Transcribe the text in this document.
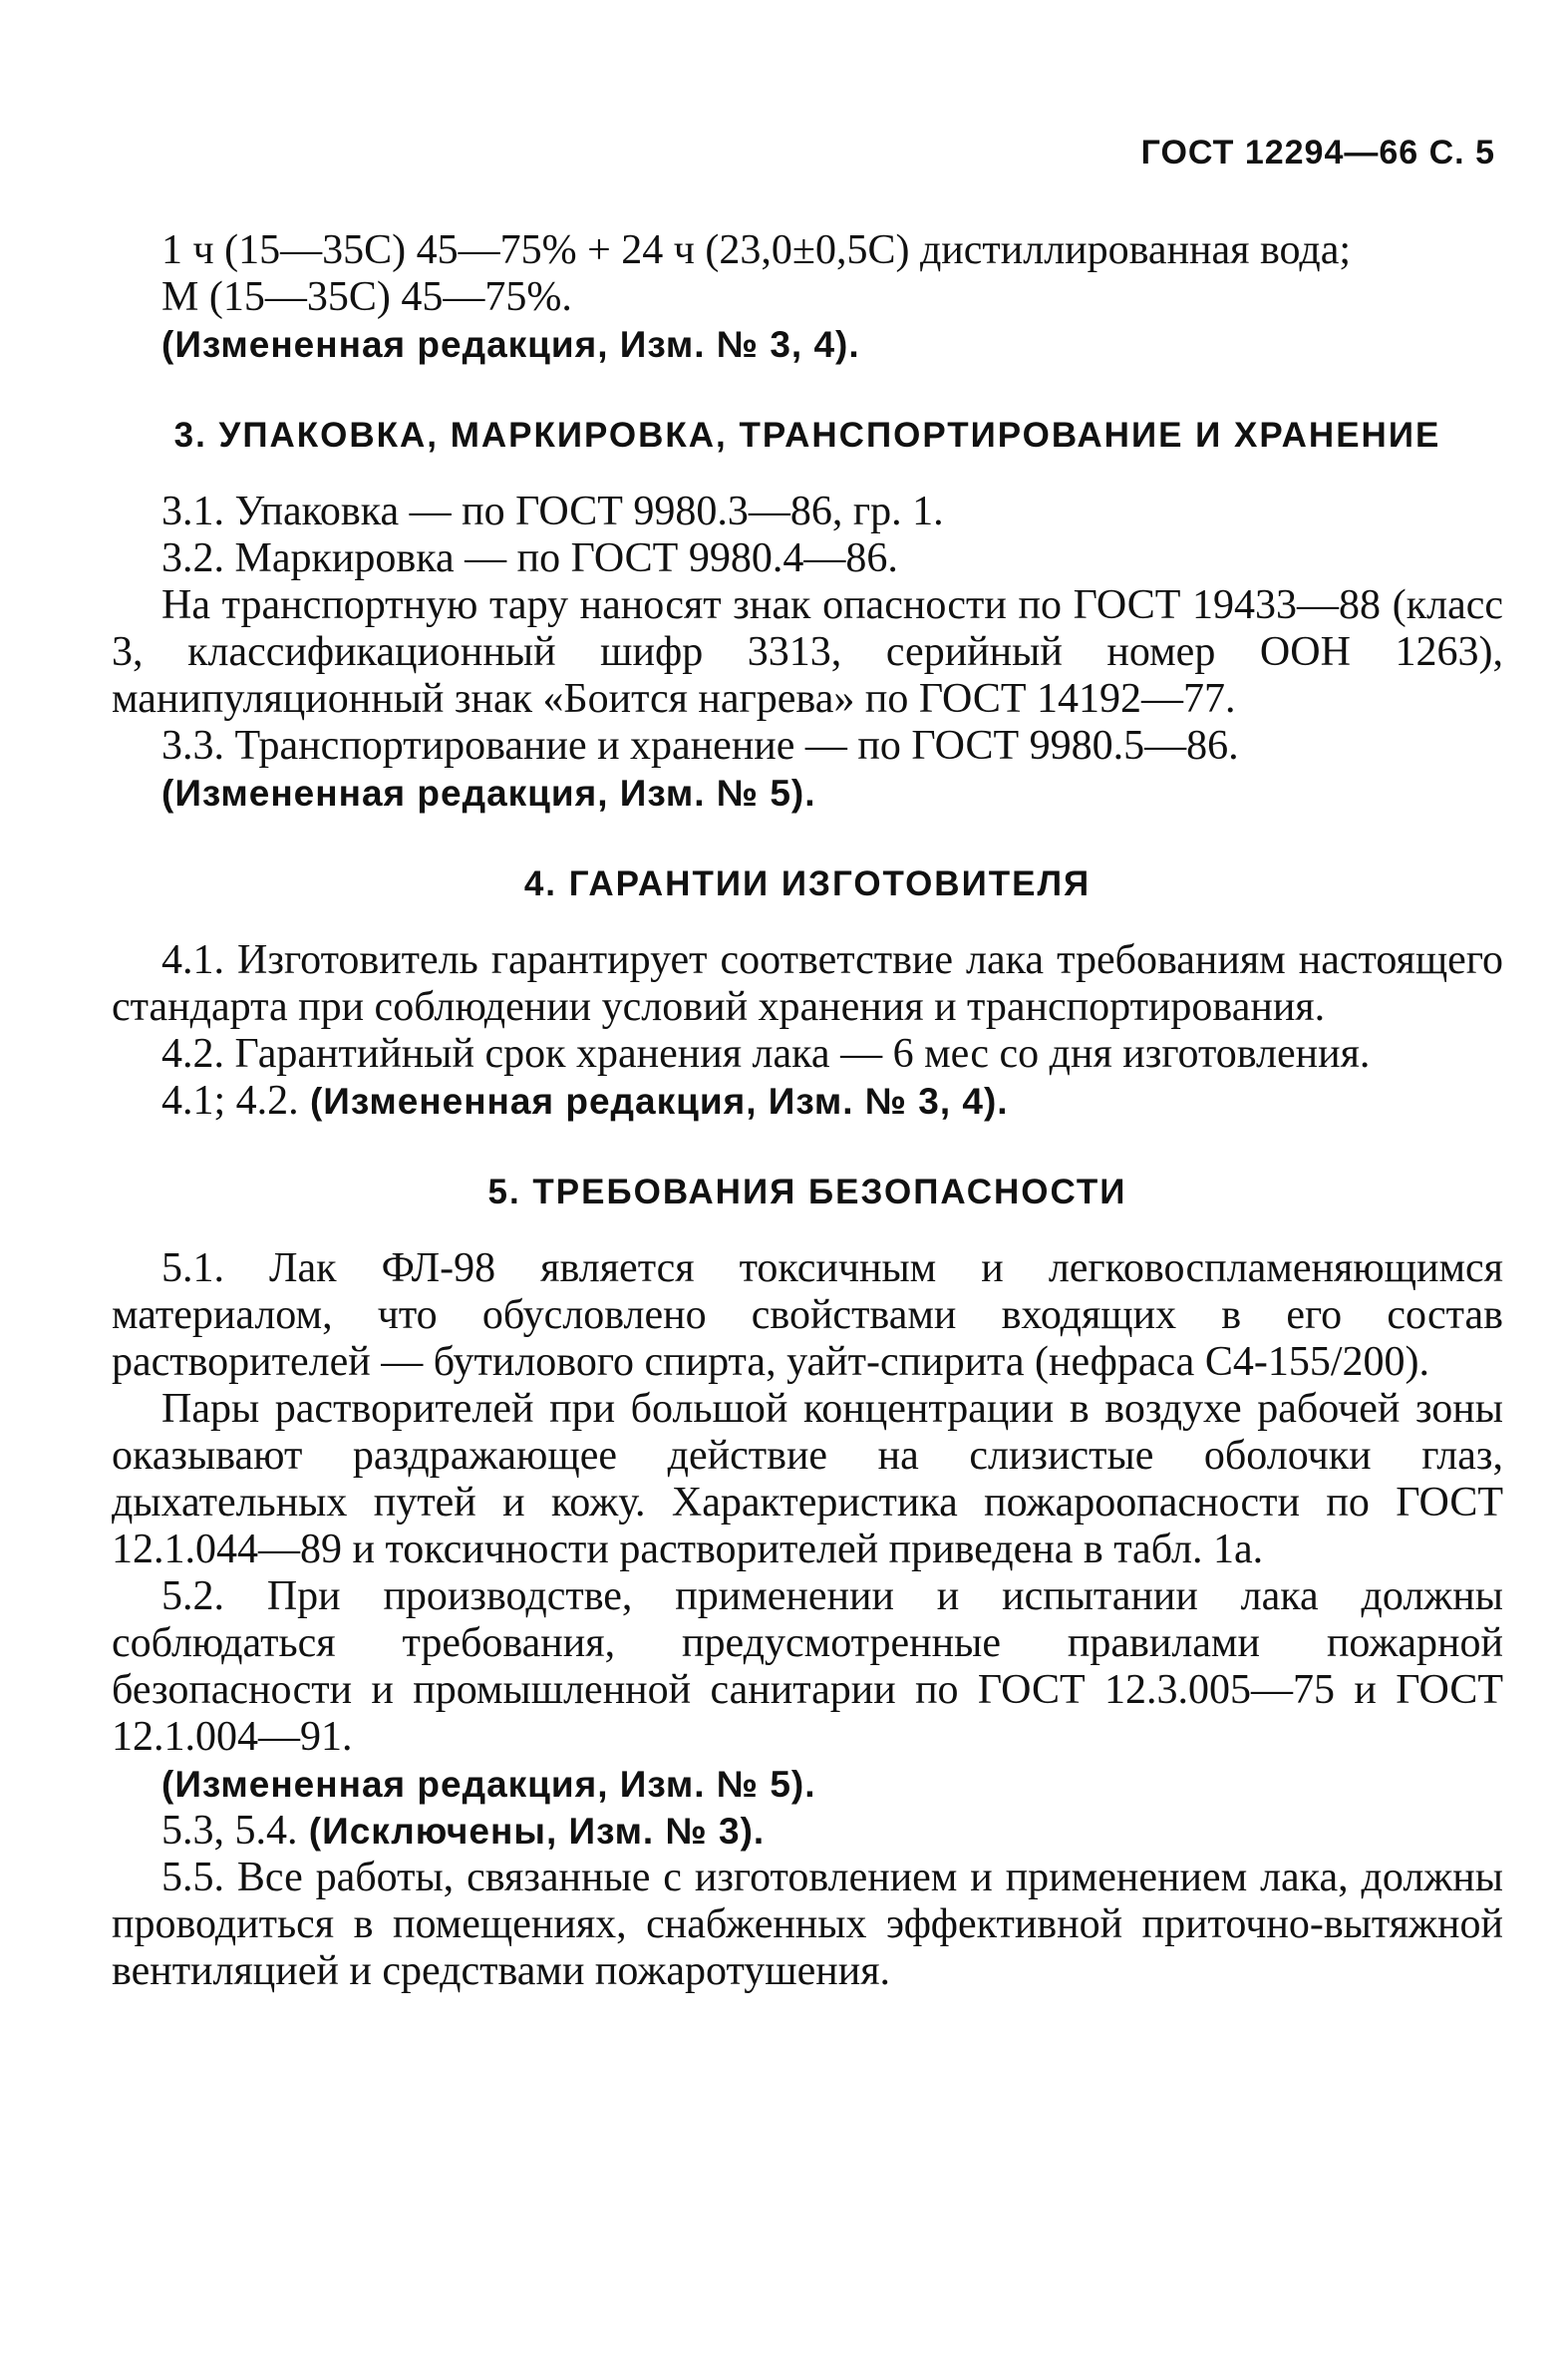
ГОСТ 12294—66 С. 5

1 ч (15—35С) 45—75% + 24 ч (23,0±0,5С) дистиллированная вода;

М (15—35С) 45—75%.

(Измененная редакция, Изм. № 3, 4).

3. УПАКОВКА, МАРКИРОВКА, ТРАНСПОРТИРОВАНИЕ И ХРАНЕНИЕ

3.1. Упаковка — по ГОСТ 9980.3—86, гр. 1.

3.2. Маркировка — по ГОСТ 9980.4—86.

На транспортную тару наносят знак опасности по ГОСТ 19433—88 (класс 3, классификационный шифр 3313, серийный номер ООН 1263), манипуляционный знак «Боится нагрева» по ГОСТ 14192—77.

3.3. Транспортирование и хранение — по ГОСТ 9980.5—86.

(Измененная редакция, Изм. № 5).

4. ГАРАНТИИ ИЗГОТОВИТЕЛЯ

4.1. Изготовитель гарантирует соответствие лака требованиям настоящего стандарта при соблюдении условий хранения и транспортирования.

4.2. Гарантийный срок хранения лака — 6 мес со дня изготовления.

4.1; 4.2. (Измененная редакция, Изм. № 3, 4).

5. ТРЕБОВАНИЯ БЕЗОПАСНОСТИ

5.1. Лак ФЛ-98 является токсичным и легковоспламеняющимся материалом, что обусловлено свойствами входящих в его состав растворителей — бутилового спирта, уайт-спирита (нефраса С4-155/200).

Пары растворителей при большой концентрации в воздухе рабочей зоны оказывают раздражающее действие на слизистые оболочки глаз, дыхательных путей и кожу. Характеристика пожароопасности по ГОСТ 12.1.044—89 и токсичности растворителей приведена в табл. 1а.

5.2. При производстве, применении и испытании лака должны соблюдаться требования, предусмотренные правилами пожарной безопасности и промышленной санитарии по ГОСТ 12.3.005—75 и ГОСТ 12.1.004—91.

(Измененная редакция, Изм. № 5).

5.3, 5.4. (Исключены, Изм. № 3).

5.5. Все работы, связанные с изготовлением и применением лака, должны проводиться в помещениях, снабженных эффективной приточно-вытяжной вентиляцией и средствами пожаротушения.
